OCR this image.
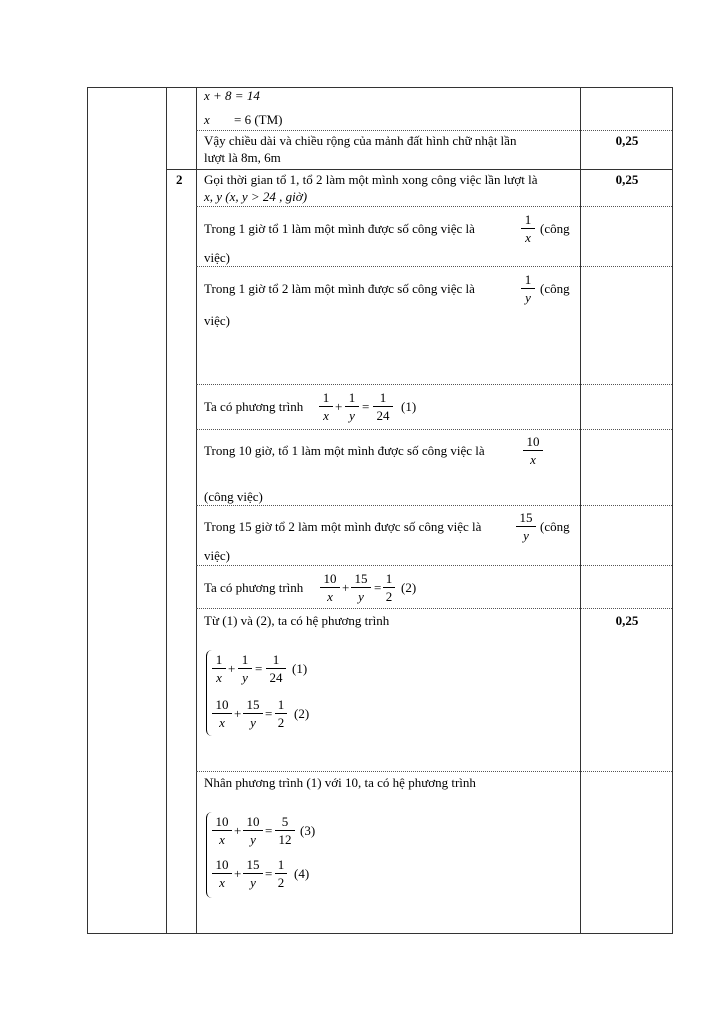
x + 8 = 14
x = 6 (TM)
Vậy chiều dài và chiều rộng của mảnh đất hình chữ nhật lần
lượt là 8m, 6m
0,25
2 Gọi thời gian tổ 1, tổ 2 làm một mình xong công việc lần lượt là
x, y (x, y > 24 , giờ)
0,25
Trong 1 giờ tổ 1 làm một mình được số công việc là
1
x
(công
việc)
Trong 1 giờ tổ 2 làm một mình được số công việc là
1
y
(công
việc)
Ta có phương trình
1
x
+
1
y
=
1
24
(1)
Trong 10 giờ, tổ 1 làm một mình được số công việc là
10
x
(công việc)
Trong 15 giờ tổ 2 làm một mình được số công việc là
15
y
(công
việc)
Ta có phương trình
10
x
+
15
y
=
1
2
(2)
Từ (1) và (2), ta có hệ phương trình	0,25
1
x
+
1
y
=
1
24
(1)
10
x
+
15
y
=
1
2
(2)
Nhân phương trình (1) với 10, ta có hệ phương trình
10
x
+
10
y
=
5
12
(3)
10
x
+
15
y
=
1
2
(4)
